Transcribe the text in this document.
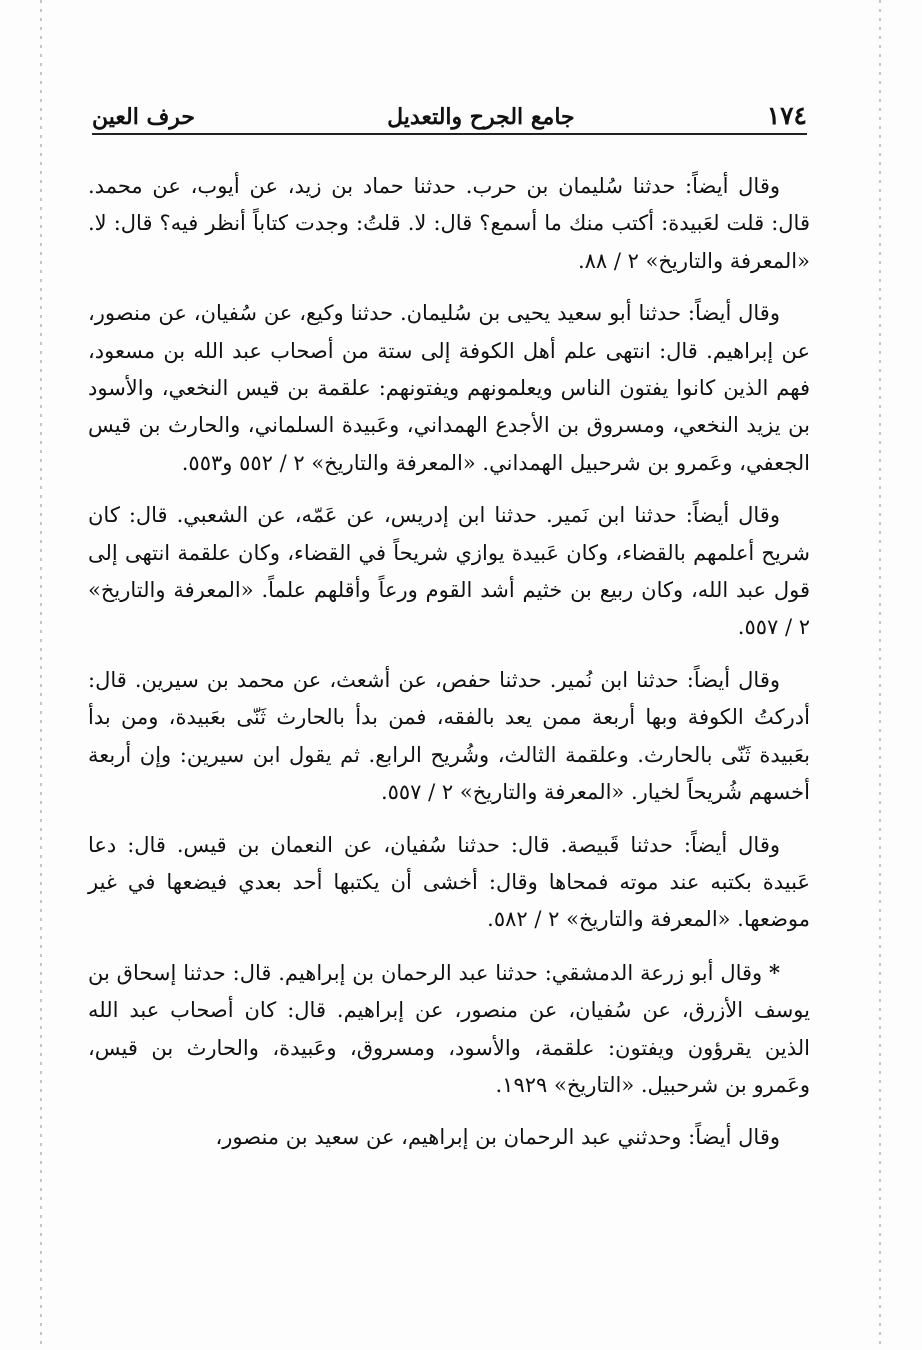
١٧٤
جامع الجرح والتعديل
حرف العين

وقال أيضاً: حدثنا سُليمان بن حرب. حدثنا حماد بن زيد، عن أيوب، عن محمد. قال: قلت لعَبيدة: أكتب منك ما أسمع؟ قال: لا. قلتُ: وجدت كتاباً أنظر فيه؟ قال: لا. «المعرفة والتاريخ» ٢ / ٨٨.

وقال أيضاً: حدثنا أبو سعيد يحيى بن سُليمان. حدثنا وكيع، عن سُفيان، عن منصور، عن إبراهيم. قال: انتهى علم أهل الكوفة إلى ستة من أصحاب عبد الله بن مسعود، فهم الذين كانوا يفتون الناس ويعلمونهم ويفتونهم: علقمة بن قيس النخعي، والأسود بن يزيد النخعي، ومسروق بن الأجدع الهمداني، وعَبيدة السلماني، والحارث بن قيس الجعفي، وعَمرو بن شرحبيل الهمداني. «المعرفة والتاريخ» ٢ / ٥٥٢ و٥٥٣.

وقال أيضاً: حدثنا ابن نَمير. حدثنا ابن إدريس، عن عَمّه، عن الشعبي. قال: كان شريح أعلمهم بالقضاء، وكان عَبيدة يوازي شريحاً في القضاء، وكان علقمة انتهى إلى قول عبد الله، وكان ربيع بن خثيم أشد القوم ورعاً وأقلهم علماً. «المعرفة والتاريخ» ٢ / ٥٥٧.

وقال أيضاً: حدثنا ابن نُمير. حدثنا حفص، عن أشعث، عن محمد بن سيرين. قال: أدركتُ الكوفة وبها أربعة ممن يعد بالفقه، فمن بدأ بالحارث ثَنّى بعَبيدة، ومن بدأ بعَبيدة ثَنّى بالحارث. وعلقمة الثالث، وشُريح الرابع. ثم يقول ابن سيرين: وإن أربعة أخسهم شُريحاً لخيار. «المعرفة والتاريخ» ٢ / ٥٥٧.

وقال أيضاً: حدثنا قَبيصة. قال: حدثنا سُفيان، عن النعمان بن قيس. قال: دعا عَبيدة بكتبه عند موته فمحاها وقال: أخشى أن يكتبها أحد بعدي فيضعها في غير موضعها. «المعرفة والتاريخ» ٢ / ٥٨٢.

* وقال أبو زرعة الدمشقي: حدثنا عبد الرحمان بن إبراهيم. قال: حدثنا إسحاق بن يوسف الأزرق، عن سُفيان، عن منصور، عن إبراهيم. قال: كان أصحاب عبد الله الذين يقرؤون ويفتون: علقمة، والأسود، ومسروق، وعَبيدة، والحارث بن قيس، وعَمرو بن شرحبيل. «التاريخ» ١٩٢٩.

وقال أيضاً: وحدثني عبد الرحمان بن إبراهيم، عن سعيد بن منصور،
